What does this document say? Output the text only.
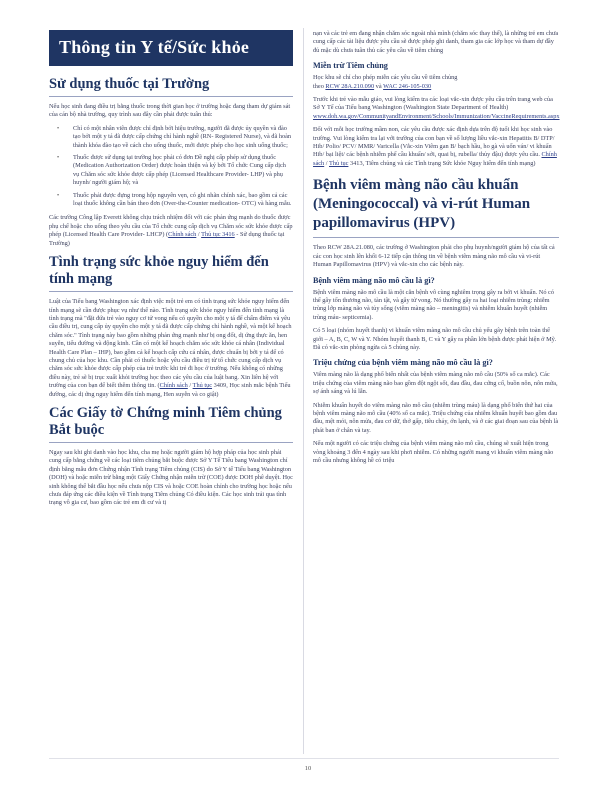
Thông tin Y tế/Sức khỏe
Sử dụng thuốc tại Trường

Nếu học sinh đang điều trị bằng thuốc trong thời gian học ở trường hoặc đang tham dự giám sát của cán bộ nhà trường, quy trình sau đây cần phải được tuân thủ:

• Chỉ có một nhân viên được chỉ định bởi hiệu trưởng, người đã được ủy quyền và đào tạo bởi một y tá đã được cấp chứng chỉ hành nghề (RN- Registered Nurse), và đã hoàn thành khóa đào tạo về cách cho uống thuốc, mới được phép cho học sinh uống thuốc;
• Thuốc được sử dụng tại trường học phải có đơn Đề nghị cấp phép sử dụng thuốc (Medication Authorization Order) được hoàn thiện và ký bởi Tổ chức Cung cấp dịch vụ Chăm sóc sức khỏe được cấp phép (Licensed Healthcare Provider- LHP) và phụ huynh/ người giám hộ; và
• Thuốc phải được đựng trong hộp nguyên vẹn, có ghi nhãn chính xác, bao gồm cả các loại thuốc không cần bán theo đơn (Over-the-Counter medication- OTC) và hàng mẫu.

Các trường Công lập Everett không chịu trách nhiệm đối với các phản ứng mạnh do thuốc được phụ chế hoặc cho uống theo yêu cầu của Tổ chức cung cấp dịch vụ Chăm sóc sức khỏe được cấp phép (Licensed Health Care Provider- LHCP) (Chính sách / Thủ tục 3416 - Sử dụng thuốc tại Trường)

Tình trạng sức khỏe nguy hiểm đến tính mạng

Luật của Tiểu bang Washington xác định việc một trẻ em có tình trạng sức khỏe nguy hiểm đến tính mạng sẽ cần được phục vụ như thế nào. Tình trạng sức khỏe nguy hiểm đến tính mạng là tình trạng mà "đặt đứa trẻ vào nguy cơ tử vong nếu có quyền cho một y tá để chấm điểm và yêu cầu điều trị, cung cấp ủy quyền cho một y tá đã được cấp chứng chỉ hành nghề, và một kế hoạch chăm sóc." Tình trạng này bao gồm những phản ứng mạnh như bị ong đốt, dị ứng thực ăn, hen suyễn, tiểu đường và động kinh. Cần có một kế hoạch chăm sóc sức khỏe cá nhân (Individual Health Care Plan – IHP), bao gồm cả kế hoạch cấp cứu cá nhân, được chuẩn bị bởi y tá để có chung chủ của học khu. Cần phải có thuốc hoặc yêu cầu điều trị từ tổ chức cung cấp dịch vụ chăm sóc sức khỏe được cấp phép của trẻ trước khi trẻ đi học ở trường. Nếu không có những điều này, trẻ sẽ bị trục xuất khỏi trường học theo các yêu cầu của luật bang. Xin liên hệ với trường của con bạn để biết thêm thông tin. (Chính sách / Thủ tục 3409, Học sinh mắc bệnh Tiểu đường, các dị ứng nguy hiểm đến tính mạng, Hen suyễn và co giật)

Các Giấy tờ Chứng minh Tiêm chủng Bắt buộc

Ngay sau khi ghi danh vào học khu, cha mẹ hoặc người giám hộ hợp pháp của học sinh phải cung cấp bằng chứng về các loại tiêm chủng bắt buộc được Sở Y Tế Tiểu bang Washington chỉ định bằng mẫu đơn Chứng nhận Tình trạng Tiêm chủng (CIS) do Sở Y tế Tiểu bang Washington (DOH) và hoặc miễn trừ bằng một Giấy Chứng nhận miễn trừ (COE) được DOH phê duyệt. Học sinh không thể bắt đầu học nếu chưa nộp CIS và hoặc COE hoàn chỉnh cho trường học hoặc nếu chưa đáp ứng các điều kiện về Tình trạng Tiêm chủng Có điều kiện. Các học sinh trải qua tình trạng vô gia cư, bao gồm các trẻ em đi cư và tị

nạn và các trẻ em đang nhận chăm sóc ngoài nhà mình (chăm sóc thay thế), là những trẻ em chưa cung cấp các tài liệu được yêu cầu sẽ được phép ghi danh, tham gia các lớp học và tham dự đầy đủ mặc dù chưa tuân thủ các yêu cầu về tiêm chủng

Miễn trừ Tiêm chủng

Học khu sẽ chỉ cho phép miễn các yêu cầu về tiêm chủng
theo RCW 28A.210.090 và WAC 246-105-030

Trước khi trẻ vào mẫu giáo, vui lòng kiểm tra các loại vắc-xin được yêu cầu trên trang web của Sở Y Tế của Tiểu bang Washington (Washington State Department of Health) www.doh.wa.gov/CommunityandEnvironment/Schools/Immunization/VaccineRequirements.aspx

Đối với mỗi học trường mầm non, các yêu cầu được xác định dựa trên độ tuổi khi học sinh vào trường. Vui lòng kiểm tra lại với trường của con bạn về số lượng liều vắc-xin Hepatitis B/ DTP/ Hib/ Polio/ PCV/ MMR/ Varicella (Vắc-xin Viêm gan B/ bạch hầu, ho gà và uốn ván/ vi khuẩn Hib/ bại liệt/ các bệnh nhiễm phế cầu khuẩn/ sởi, quai bị, rubella/ thủy đậu) được yêu cầu. Chính sách / Thủ tục 3413, Tiêm chủng và các Tình trạng Sức khỏe Nguy hiểm đến tính mạng)

Bệnh viêm màng não cầu khuẩn (Meningococcal) và vi-rút Human papillomavirus (HPV)

Theo RCW 28A.21.080, các trường ở Washington phải cho phụ huynh/người giám hộ của tất cả các con học sinh lên khối 6-12 tiếp cận thông tin về bệnh viêm màng não mô cầu và vi-rút Human Papillomavirus (HPV) và vắc-xin cho các bệnh này.

Bệnh viêm màng não mô cầu là gì?

Bệnh viêm màng não mô cầu là một căn bệnh vô cùng nghiêm trọng gây ra bởi vi khuẩn. Nó có thể gây tổn thương não, tàn tật, và gây tử vong. Nó thường gây ra hai loại nhiễm trùng: nhiễm trùng lớp màng não và tủy sống (viêm màng não – meningitis) và nhiễm khuẩn huyết (nhiễm trùng máu- septicemia).

Có 5 loại (nhóm huyết thanh) vi khuẩn viêm màng não mô cầu chủ yếu gây bệnh trên toàn thế giới – A, B, C, W và Y. Nhóm huyết thanh B, C và Y gây ra phần lớn bệnh được phát hiện ở Mỹ. Đã có vắc-xin phòng ngừa cả 5 chủng này.

Triệu chứng của bệnh viêm màng não mô cầu là gì?

Viêm màng não là dạng phổ biến nhất của bệnh viêm màng não mô cầu (50% số ca mắc). Các triệu chứng của viêm màng não bao gồm đột ngột sốt, đau đầu, đau cứng cổ, buồn nôn, nôn mửa, sợ ánh sáng và lú lẫn.

Nhiễm khuẩn huyết do viêm màng não mô cầu (nhiễm trùng máu) là dạng phổ biến thứ hai của bệnh viêm màng não mô cầu (40% số ca mắc). Triệu chứng của nhiễm khuẩn huyết bao gồm đau đầu, mệt mỏi, nôn mửa, đau cơ dữ, thở gấp, tiêu chảy, ớn lạnh, và ở các giai đoạn sau của bệnh là phát ban ở chân và tay.

Nếu một người có các triệu chứng của bệnh viêm màng não mô cầu, chúng sẽ xuất hiện trong vòng khoảng 3 đến 4 ngày sau khi phơi nhiễm. Có những người mang vi khuẩn viêm màng não mô cầu nhưng không hề có triệu

10
